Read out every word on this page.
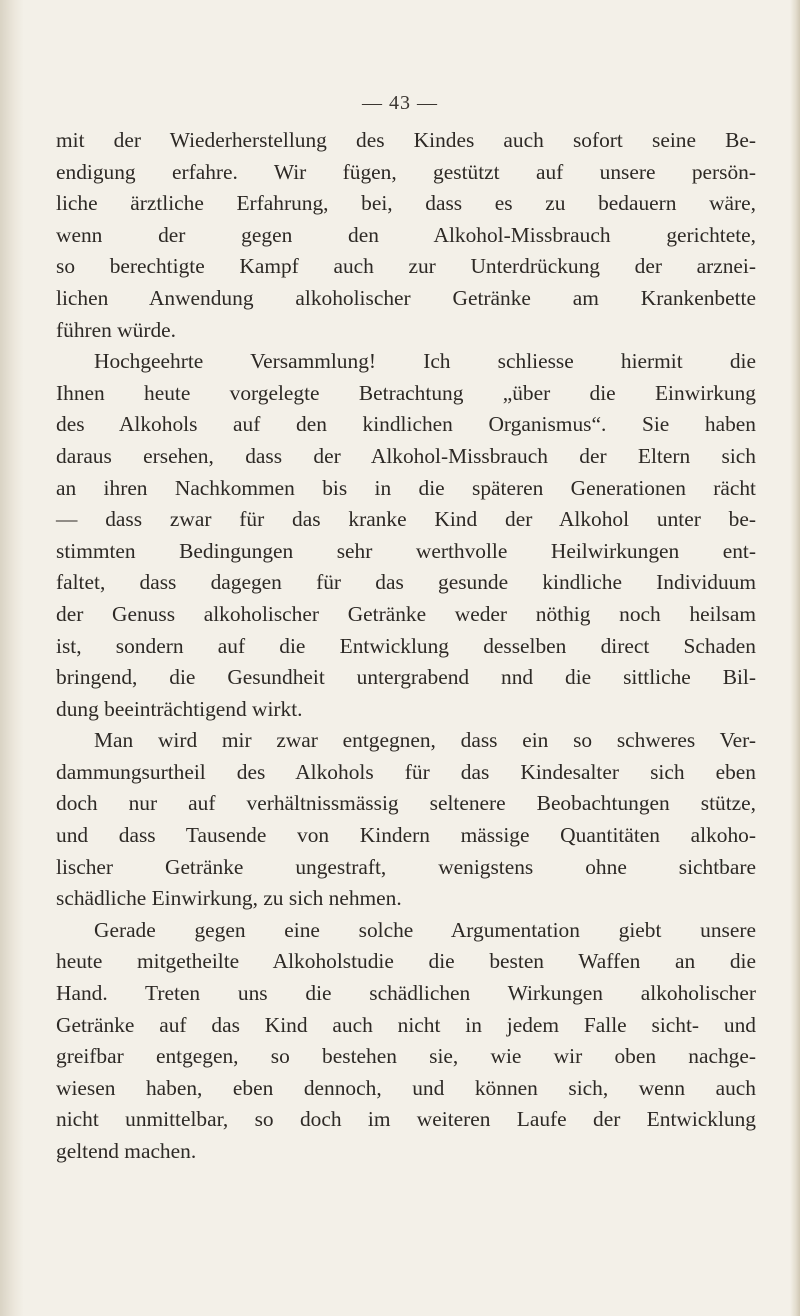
— 43 —
mit der Wiederherstellung des Kindes auch sofort seine Be-
endigung erfahre. Wir fügen, gestützt auf unsere persön-
liche ärztliche Erfahrung, bei, dass es zu bedauern wäre,
wenn der gegen den Alkohol-Missbrauch gerichtete,
so berechtigte Kampf auch zur Unterdrückung der arznei-
lichen Anwendung alkoholischer Getränke am Krankenbette
führen würde.
Hochgeehrte Versammlung! Ich schliesse hiermit die
Ihnen heute vorgelegte Betrachtung „über die Einwirkung
des Alkohols auf den kindlichen Organismus“. Sie haben
daraus ersehen, dass der Alkohol-Missbrauch der Eltern sich
an ihren Nachkommen bis in die späteren Generationen rächt
— dass zwar für das kranke Kind der Alkohol unter be-
stimmten Bedingungen sehr werthvolle Heilwirkungen ent-
faltet, dass dagegen für das gesunde kindliche Individuum
der Genuss alkoholischer Getränke weder nöthig noch heilsam
ist, sondern auf die Entwicklung desselben direct Schaden
bringend, die Gesundheit untergrabend nnd die sittliche Bil-
dung beeinträchtigend wirkt.
Man wird mir zwar entgegnen, dass ein so schweres Ver-
dammungsurtheil des Alkohols für das Kindesalter sich eben
doch nur auf verhältnissmässig seltenere Beobachtungen stütze,
und dass Tausende von Kindern mässige Quantitäten alkoho-
lischer Getränke ungestraft, wenigstens ohne sichtbare
schädliche Einwirkung, zu sich nehmen.
Gerade gegen eine solche Argumentation giebt unsere
heute mitgetheilte Alkoholstudie die besten Waffen an die
Hand. Treten uns die schädlichen Wirkungen alkoholischer
Getränke auf das Kind auch nicht in jedem Falle sicht- und
greifbar entgegen, so bestehen sie, wie wir oben nachge-
wiesen haben, eben dennoch, und können sich, wenn auch
nicht unmittelbar, so doch im weiteren Laufe der Entwicklung
geltend machen.
